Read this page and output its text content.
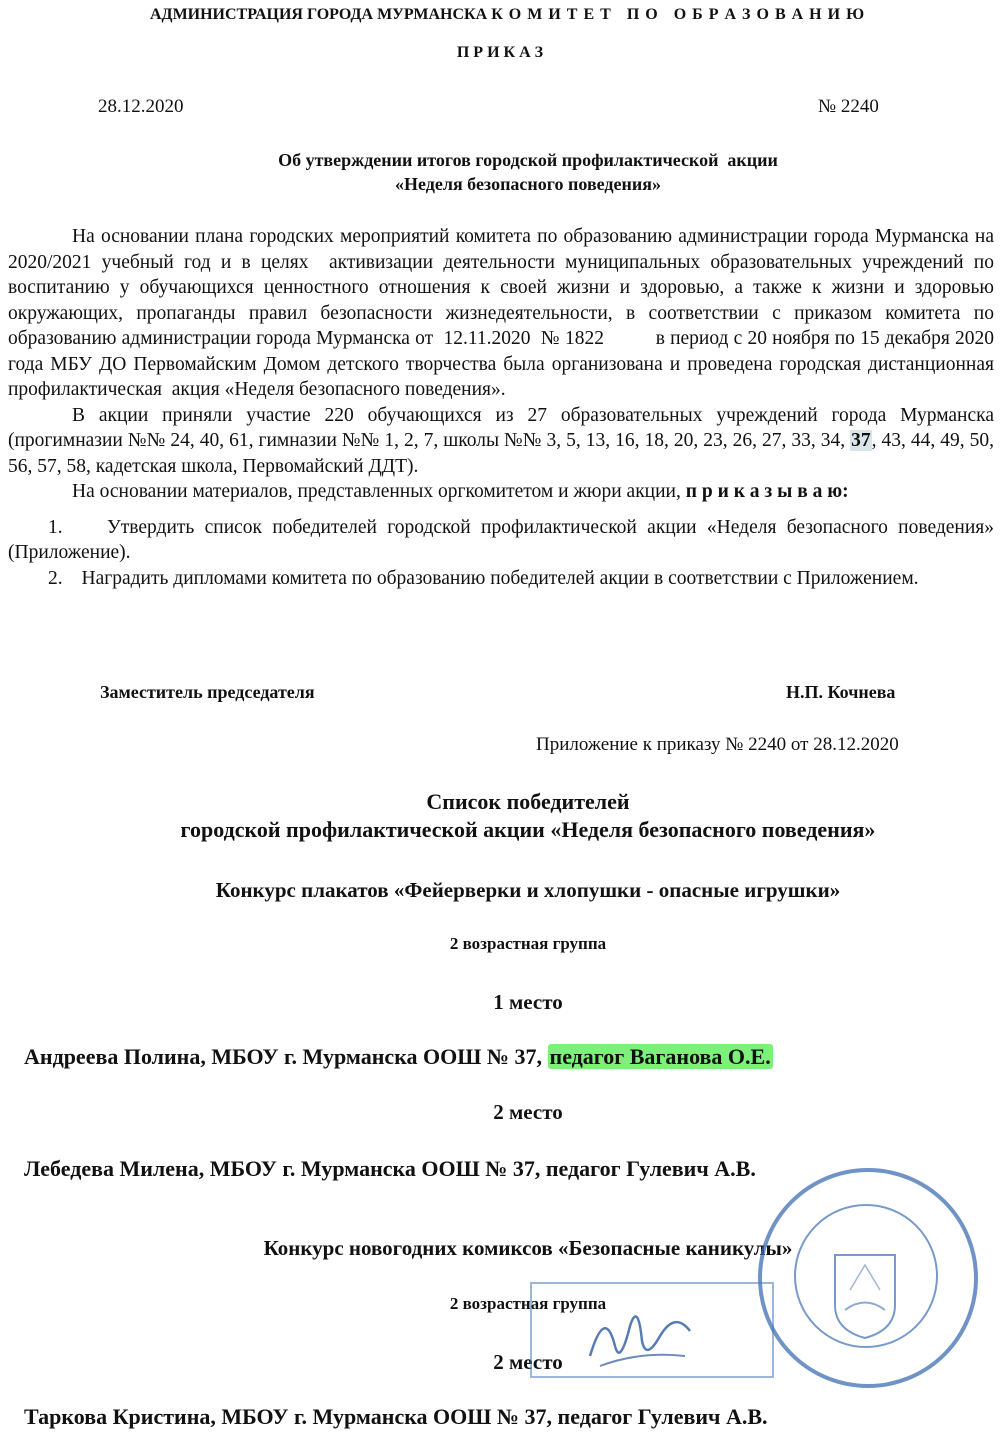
АДМИНИСТРАЦИЯ ГОРОДА МУРМАНСКА К О М И Т Е Т   П О   О Б Р А З О В А Н И Ю
П Р И К А З
28.12.2020	№ 2240
Об утверждении итогов городской профилактической  акции
«Неделя безопасного поведения»
На основании плана городских мероприятий комитета по образованию администрации города Мурманска на 2020/2021 учебный год и в целях  активизации деятельности муниципальных образовательных учреждений по воспитанию у обучающихся ценностного отношения к своей жизни и здоровью, а также к жизни и здоровью окружающих, пропаганды правил безопасности жизнедеятельности, в соответствии с приказом комитета по образованию администрации города Мурманска от  12.11.2020  № 1822          в период с 20 ноября по 15 декабря 2020 года МБУ ДО Первомайским Домом детского творчества была организована и проведена городская дистанционная профилактическая  акция «Неделя безопасного поведения».
В акции приняли участие 220 обучающихся из 27 образовательных учреждений города Мурманска (прогимназии №№ 24, 40, 61, гимназии №№ 1, 2, 7, школы №№ 3, 5, 13, 16, 18, 20, 23, 26, 27, 33, 34, 37, 43, 44, 49, 50, 56, 57, 58, кадетская школа, Первомайский ДДТ).
На основании материалов, представленных оргкомитетом и жюри акции, п р и к а з ы в а ю:
1. Утвердить список победителей городской профилактической акции «Неделя безопасного поведения» (Приложение).
2. Наградить дипломами комитета по образованию победителей акции в соответствии с Приложением.
Заместитель председателя	Н.П. Кочнева
Приложение к приказу № 2240 от 28.12.2020
Список победителей
городской профилактической акции «Неделя безопасного поведения»
Конкурс плакатов «Фейерверки и хлопушки - опасные игрушки»
2 возрастная группа
1 место
Андреева Полина, МБОУ г. Мурманска ООШ № 37, педагог Ваганова О.Е.
2 место
Лебедева Милена, МБОУ г. Мурманска ООШ № 37, педагог Гулевич А.В.
Конкурс новогодних комиксов «Безопасные каникулы»
2 возрастная группа
2 место
Таркова Кристина, МБОУ г. Мурманска ООШ № 37, педагог Гулевич А.В.
